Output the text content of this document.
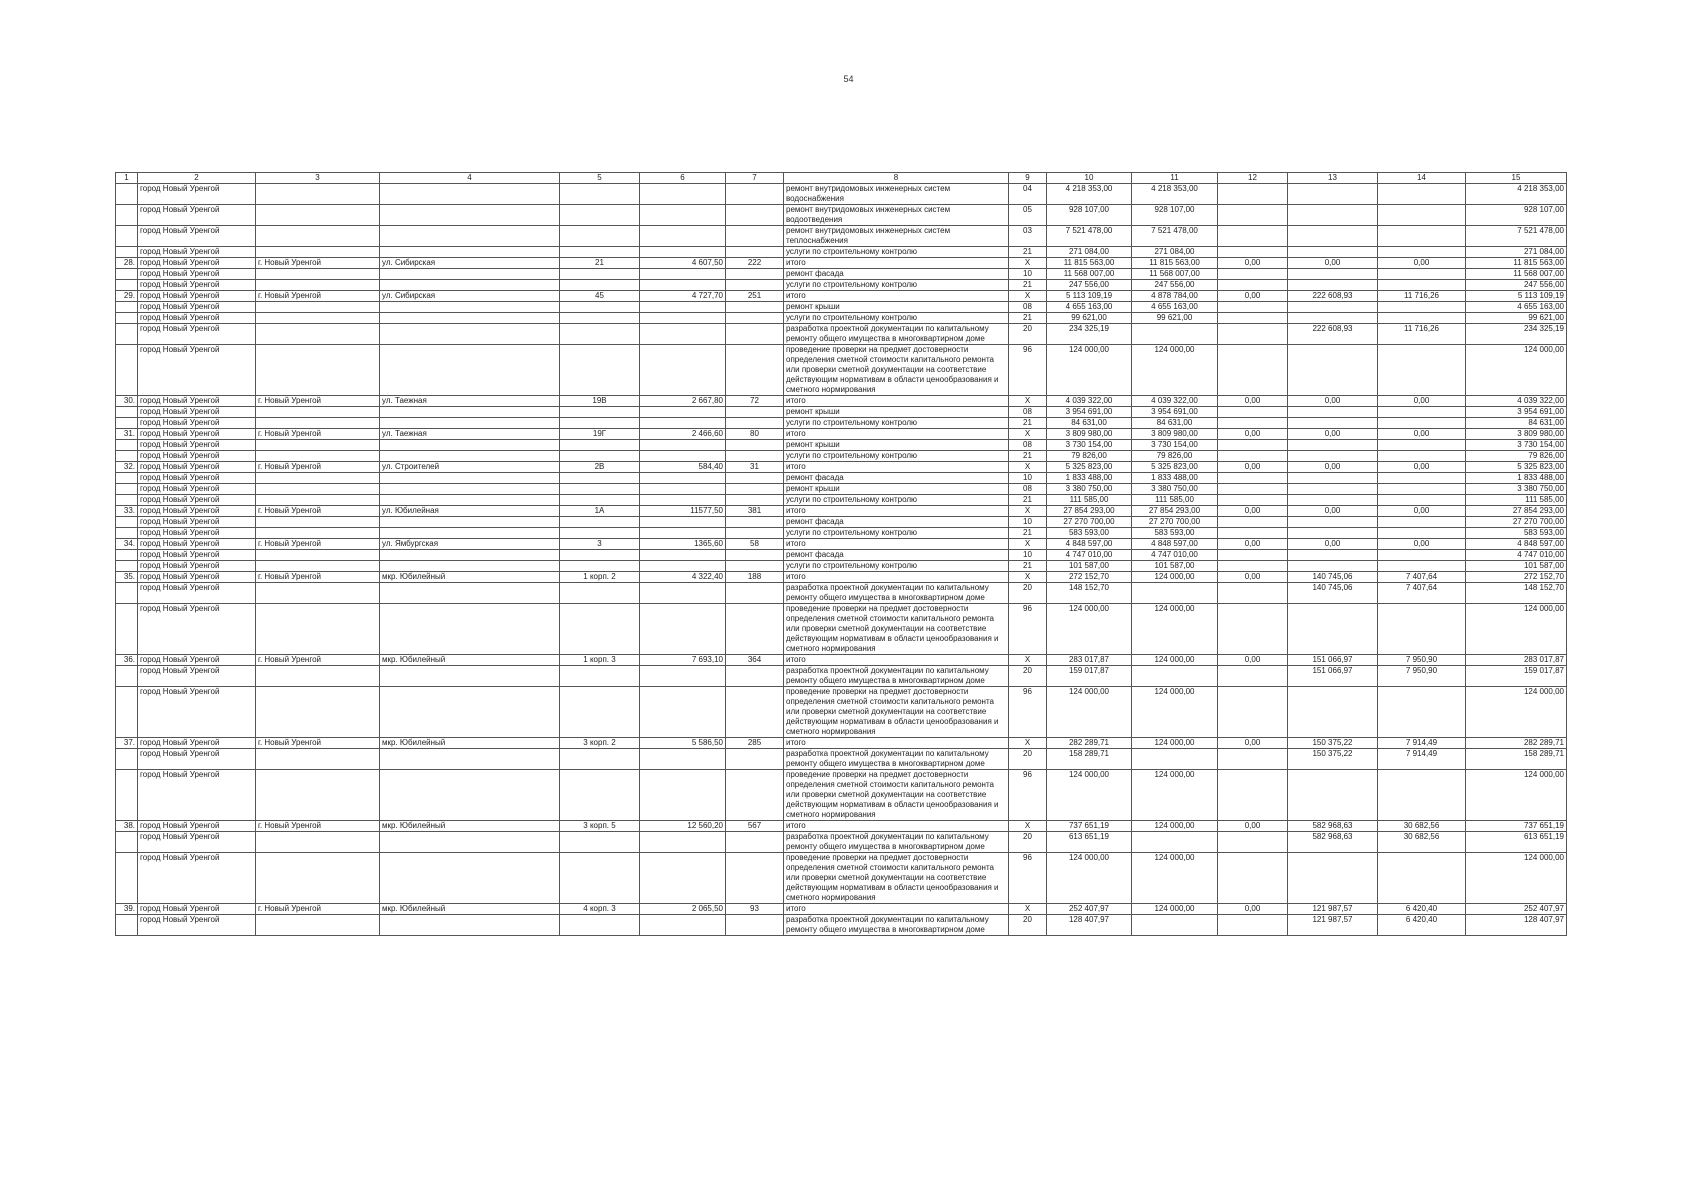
54
1	2	3	4	5	6	7	8	9	10	11	12	13	14	15
	город Новый Уренгой						ремонт внутридомовых инженерных систем водоснабжения	04	4 218 353,00	4 218 353,00				4 218 353,00
	город Новый Уренгой						ремонт внутридомовых инженерных систем водоотведения	05	928 107,00	928 107,00				928 107,00
	город Новый Уренгой						ремонт внутридомовых инженерных систем теплоснабжения	03	7 521 478,00	7 521 478,00				7 521 478,00
	город Новый Уренгой						услуги по строительному контролю	21	271 084,00	271 084,00				271 084,00
28.	город Новый Уренгой	г. Новый Уренгой	ул. Сибирская	21	4 607,50	222	итого	Х	11 815 563,00	11 815 563,00	0,00	0,00	0,00	11 815 563,00
	город Новый Уренгой						ремонт фасада	10	11 568 007,00	11 568 007,00				11 568 007,00
	город Новый Уренгой						услуги по строительному контролю	21	247 556,00	247 556,00				247 556,00
29.	город Новый Уренгой	г. Новый Уренгой	ул. Сибирская	45	4 727,70	251	итого	Х	5 113 109,19	4 878 784,00	0,00	222 608,93	11 716,26	5 113 109,19
	город Новый Уренгой						ремонт крыши	08	4 655 163,00	4 655 163,00				4 655 163,00
	город Новый Уренгой						услуги по строительному контролю	21	99 621,00	99 621,00				99 621,00
	город Новый Уренгой						разработка проектной документации по капитальному ремонту общего имущества в многоквартирном доме	20	234 325,19			222 608,93	11 716,26	234 325,19
	город Новый Уренгой						проведение проверки на предмет достоверности определения сметной стоимости капитального ремонта или проверки сметной документации на соответствие действующим нормативам в области ценообразования и сметного нормирования	96	124 000,00	124 000,00				124 000,00
30.	город Новый Уренгой	г. Новый Уренгой	ул. Таежная	19В	2 667,80	72	итого	Х	4 039 322,00	4 039 322,00	0,00	0,00	0,00	4 039 322,00
	город Новый Уренгой						ремонт крыши	08	3 954 691,00	3 954 691,00				3 954 691,00
	город Новый Уренгой						услуги по строительному контролю	21	84 631,00	84 631,00				84 631,00
31.	город Новый Уренгой	г. Новый Уренгой	ул. Таежная	19Г	2 466,60	80	итого	Х	3 809 980,00	3 809 980,00	0,00	0,00	0,00	3 809 980,00
	город Новый Уренгой						ремонт крыши	08	3 730 154,00	3 730 154,00				3 730 154,00
	город Новый Уренгой						услуги по строительному контролю	21	79 826,00	79 826,00				79 826,00
32.	город Новый Уренгой	г. Новый Уренгой	ул. Строителей	2В	584,40	31	итого	Х	5 325 823,00	5 325 823,00	0,00	0,00	0,00	5 325 823,00
	город Новый Уренгой						ремонт фасада	10	1 833 488,00	1 833 488,00				1 833 488,00
	город Новый Уренгой						ремонт крыши	08	3 380 750,00	3 380 750,00				3 380 750,00
	город Новый Уренгой						услуги по строительному контролю	21	111 585,00	111 585,00				111 585,00
33.	город Новый Уренгой	г. Новый Уренгой	ул. Юбилейная	1А	11577,50	381	итого	Х	27 854 293,00	27 854 293,00	0,00	0,00	0,00	27 854 293,00
	город Новый Уренгой						ремонт фасада	10	27 270 700,00	27 270 700,00				27 270 700,00
	город Новый Уренгой						услуги по строительному контролю	21	583 593,00	583 593,00				583 593,00
34.	город Новый Уренгой	г. Новый Уренгой	ул. Ямбургская	3	1365,60	58	итого	Х	4 848 597,00	4 848 597,00	0,00	0,00	0,00	4 848 597,00
	город Новый Уренгой						ремонт фасада	10	4 747 010,00	4 747 010,00				4 747 010,00
	город Новый Уренгой						услуги по строительному контролю	21	101 587,00	101 587,00				101 587,00
35.	город Новый Уренгой	г. Новый Уренгой	мкр. Юбилейный	1 корп. 2	4 322,40	188	итого	Х	272 152,70	124 000,00	0,00	140 745,06	7 407,64	272 152,70
	город Новый Уренгой						разработка проектной документации по капитальному ремонту общего имущества в многоквартирном доме	20	148 152,70			140 745,06	7 407,64	148 152,70
	город Новый Уренгой						проведение проверки на предмет достоверности определения сметной стоимости капитального ремонта или проверки сметной документации на соответствие действующим нормативам в области ценообразования и сметного нормирования	96	124 000,00	124 000,00				124 000,00
36.	город Новый Уренгой	г. Новый Уренгой	мкр. Юбилейный	1 корп. 3	7 693,10	364	итого	Х	283 017,87	124 000,00	0,00	151 066,97	7 950,90	283 017,87
	город Новый Уренгой						разработка проектной документации по капитальному ремонту общего имущества в многоквартирном доме	20	159 017,87			151 066,97	7 950,90	159 017,87
	город Новый Уренгой						проведение проверки на предмет достоверности определения сметной стоимости капитального ремонта или проверки сметной документации на соответствие действующим нормативам в области ценообразования и сметного нормирования	96	124 000,00	124 000,00				124 000,00
37.	город Новый Уренгой	г. Новый Уренгой	мкр. Юбилейный	3 корп. 2	5 586,50	285	итого	Х	282 289,71	124 000,00	0,00	150 375,22	7 914,49	282 289,71
	город Новый Уренгой						разработка проектной документации по капитальному ремонту общего имущества в многоквартирном доме	20	158 289,71			150 375,22	7 914,49	158 289,71
	город Новый Уренгой						проведение проверки на предмет достоверности определения сметной стоимости капитального ремонта или проверки сметной документации на соответствие действующим нормативам в области ценообразования и сметного нормирования	96	124 000,00	124 000,00				124 000,00
38.	город Новый Уренгой	г. Новый Уренгой	мкр. Юбилейный	3 корп. 5	12 560,20	567	итого	Х	737 651,19	124 000,00	0,00	582 968,63	30 682,56	737 651,19
	город Новый Уренгой						разработка проектной документации по капитальному ремонту общего имущества в многоквартирном доме	20	613 651,19			582 968,63	30 682,56	613 651,19
	город Новый Уренгой						проведение проверки на предмет достоверности определения сметной стоимости капитального ремонта или проверки сметной документации на соответствие действующим нормативам в области ценообразования и сметного нормирования	96	124 000,00	124 000,00				124 000,00
39.	город Новый Уренгой	г. Новый Уренгой	мкр. Юбилейный	4 корп. 3	2 065,50	93	итого	Х	252 407,97	124 000,00	0,00	121 987,57	6 420,40	252 407,97
	город Новый Уренгой						разработка проектной документации по капитальному ремонту общего имущества в многоквартирном доме	20	128 407,97			121 987,57	6 420,40	128 407,97
